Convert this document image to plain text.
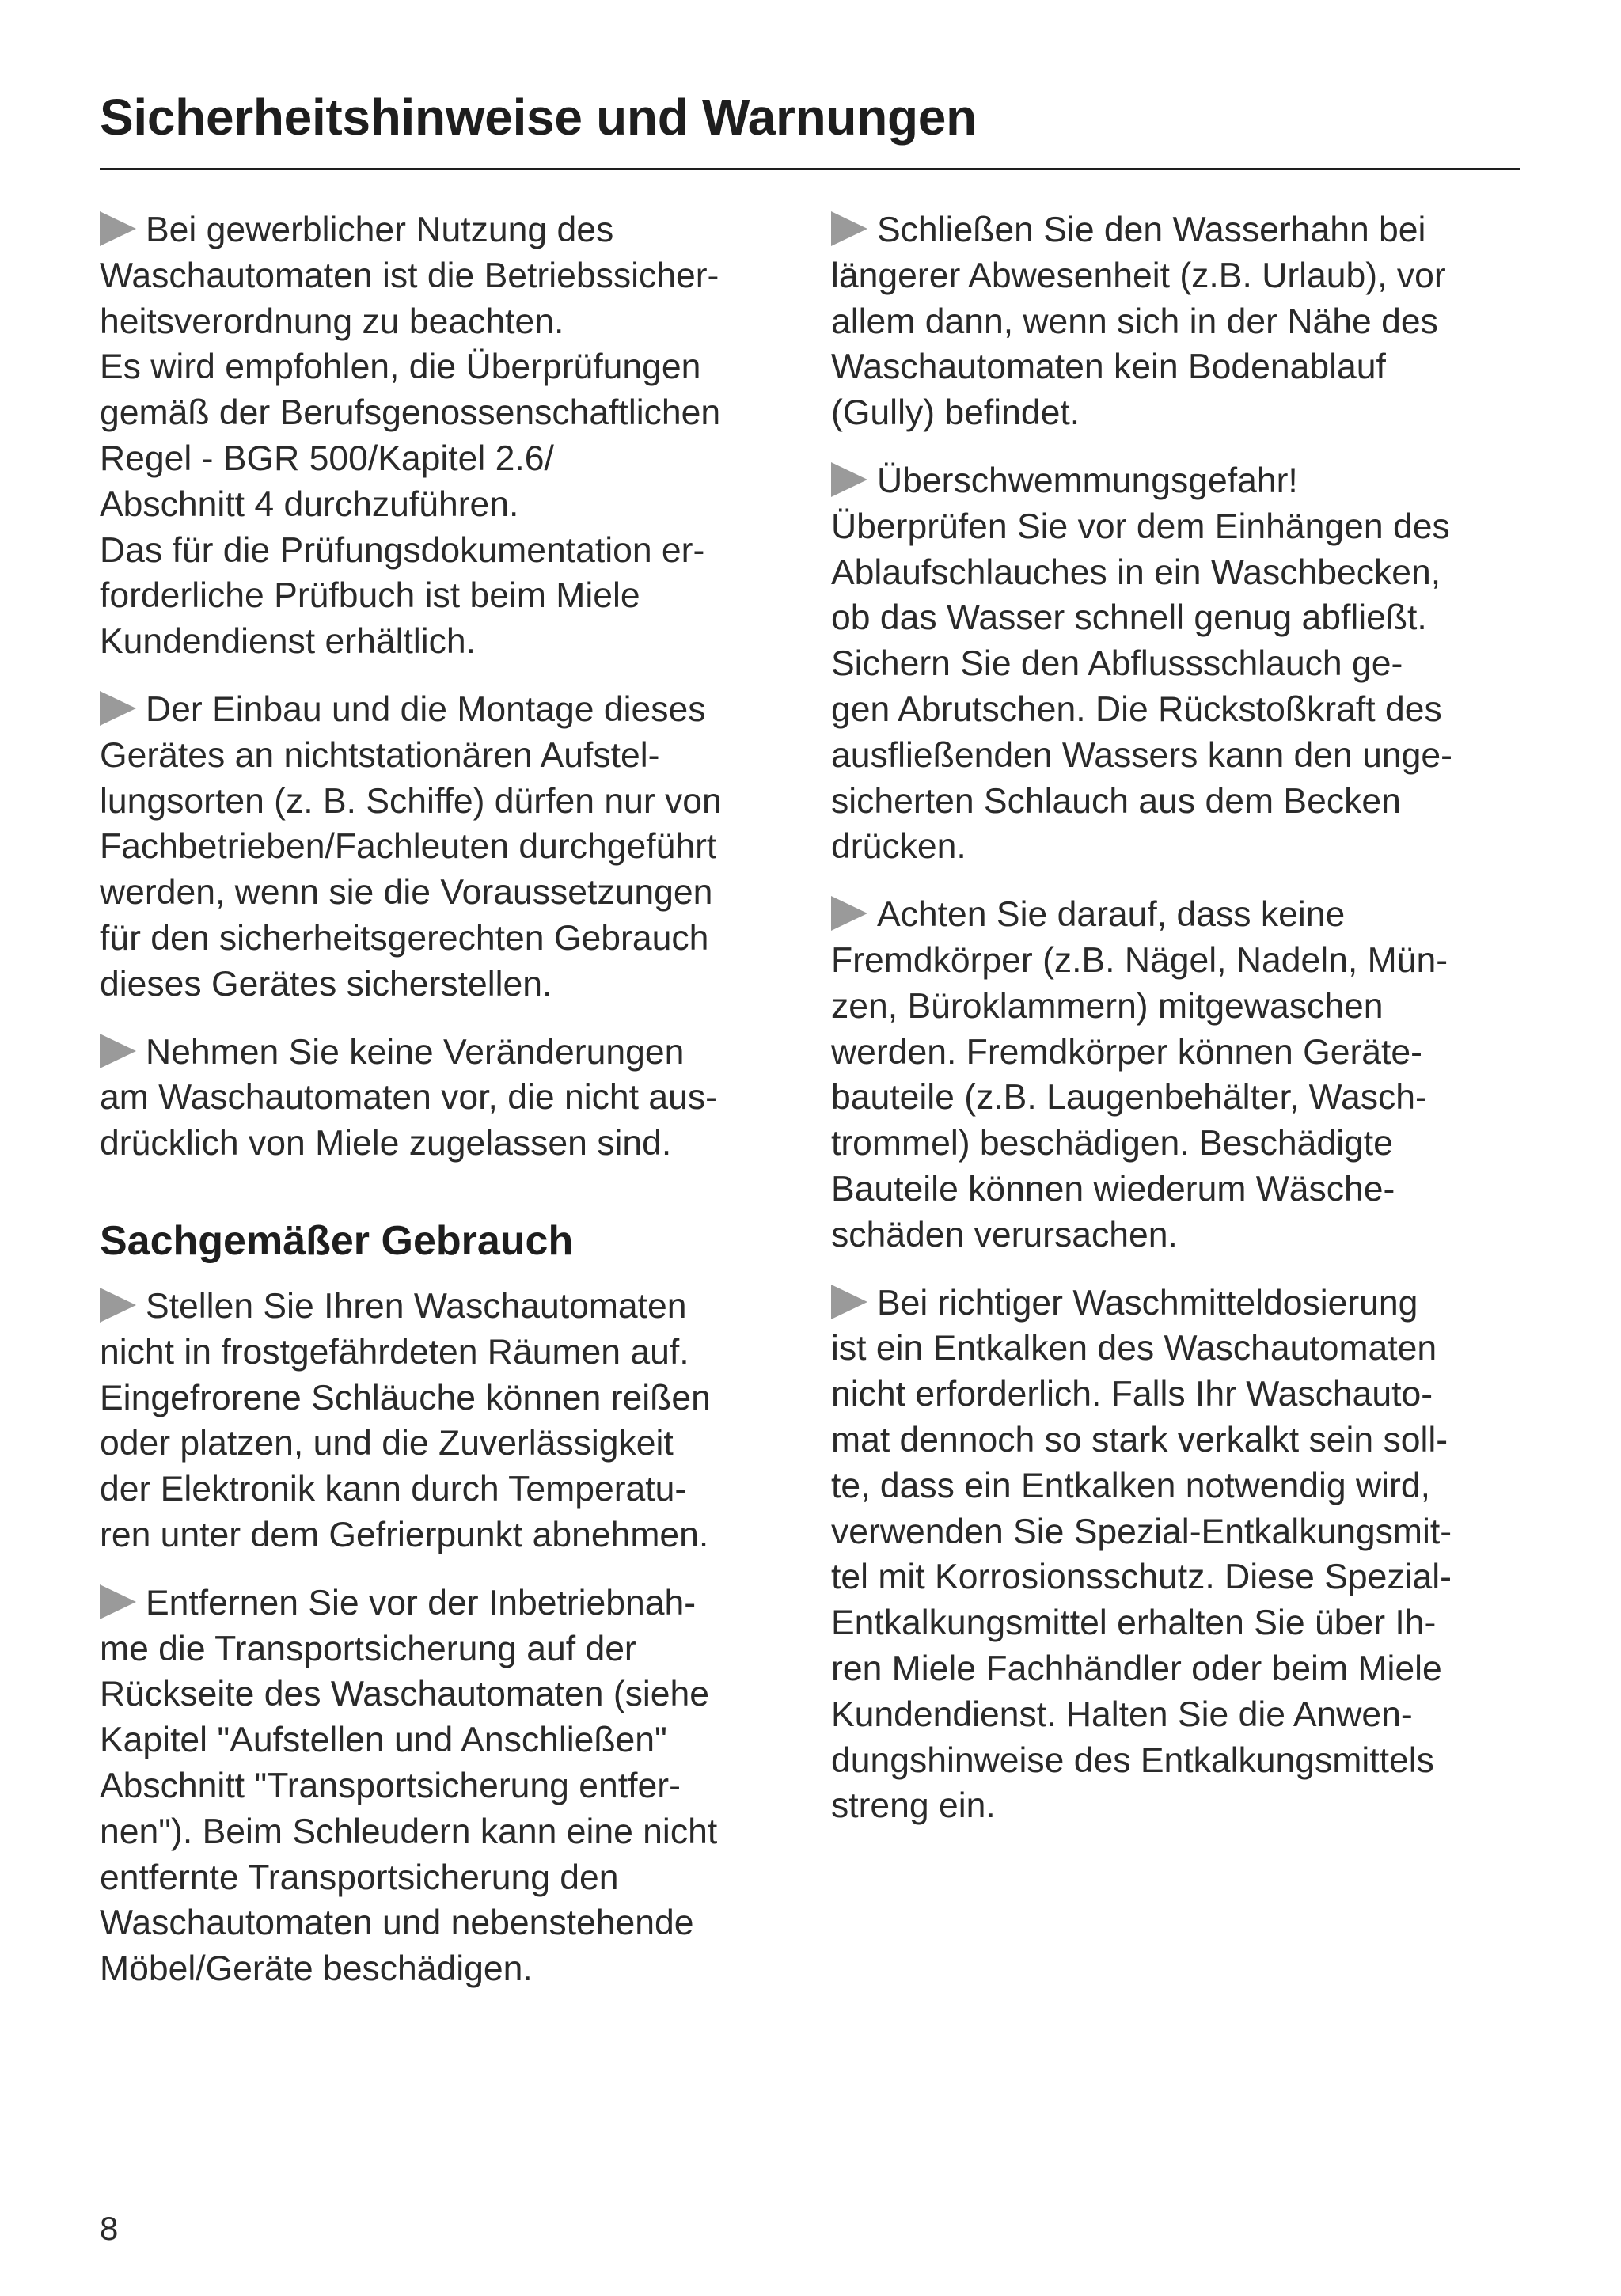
Sicherheitshinweise und Warnungen

Bei gewerblicher Nutzung des
Waschautomaten ist die Betriebssicher-
heitsverordnung zu beachten.
Es wird empfohlen, die Überprüfungen
gemäß der Berufsgenossenschaftlichen
Regel - BGR 500/Kapitel 2.6/
Abschnitt 4 durchzuführen.
Das für die Prüfungsdokumentation er-
forderliche Prüfbuch ist beim Miele
Kundendienst erhältlich.

Der Einbau und die Montage dieses
Gerätes an nichtstationären Aufstel-
lungsorten (z. B. Schiffe) dürfen nur von
Fachbetrieben/Fachleuten durchgeführt
werden, wenn sie die Voraussetzungen
für den sicherheitsgerechten Gebrauch
dieses Gerätes sicherstellen.

Nehmen Sie keine Veränderungen
am Waschautomaten vor, die nicht aus-
drücklich von Miele zugelassen sind.

Sachgemäßer Gebrauch

Stellen Sie Ihren Waschautomaten
nicht in frostgefährdeten Räumen auf.
Eingefrorene Schläuche können reißen
oder platzen, und die Zuverlässigkeit
der Elektronik kann durch Temperatu-
ren unter dem Gefrierpunkt abnehmen.

Entfernen Sie vor der Inbetriebnah-
me die Transportsicherung auf der
Rückseite des Waschautomaten (siehe
Kapitel "Aufstellen und Anschließen"
Abschnitt "Transportsicherung entfer-
nen"). Beim Schleudern kann eine nicht
entfernte Transportsicherung den
Waschautomaten und nebenstehende
Möbel/Geräte beschädigen.

Schließen Sie den Wasserhahn bei
längerer Abwesenheit (z.B. Urlaub), vor
allem dann, wenn sich in der Nähe des
Waschautomaten kein Bodenablauf
(Gully) befindet.

Überschwemmungsgefahr!
Überprüfen Sie vor dem Einhängen des
Ablaufschlauches in ein Waschbecken,
ob das Wasser schnell genug abfließt.
Sichern Sie den Abflussschlauch ge-
gen Abrutschen. Die Rückstoßkraft des
ausfließenden Wassers kann den unge-
sicherten Schlauch aus dem Becken
drücken.

Achten Sie darauf, dass keine
Fremdkörper (z.B. Nägel, Nadeln, Mün-
zen, Büroklammern) mitgewaschen
werden. Fremdkörper können Geräte-
bauteile (z.B. Laugenbehälter, Wasch-
trommel) beschädigen. Beschädigte
Bauteile können wiederum Wäsche-
schäden verursachen.

Bei richtiger Waschmitteldosierung
ist ein Entkalken des Waschautomaten
nicht erforderlich. Falls Ihr Waschauto-
mat dennoch so stark verkalkt sein soll-
te, dass ein Entkalken notwendig wird,
verwenden Sie Spezial-Entkalkungsmit-
tel mit Korrosionsschutz. Diese Spezial-
Entkalkungsmittel erhalten Sie über Ih-
ren Miele Fachhändler oder beim Miele
Kundendienst. Halten Sie die Anwen-
dungshinweise des Entkalkungsmittels
streng ein.

8
